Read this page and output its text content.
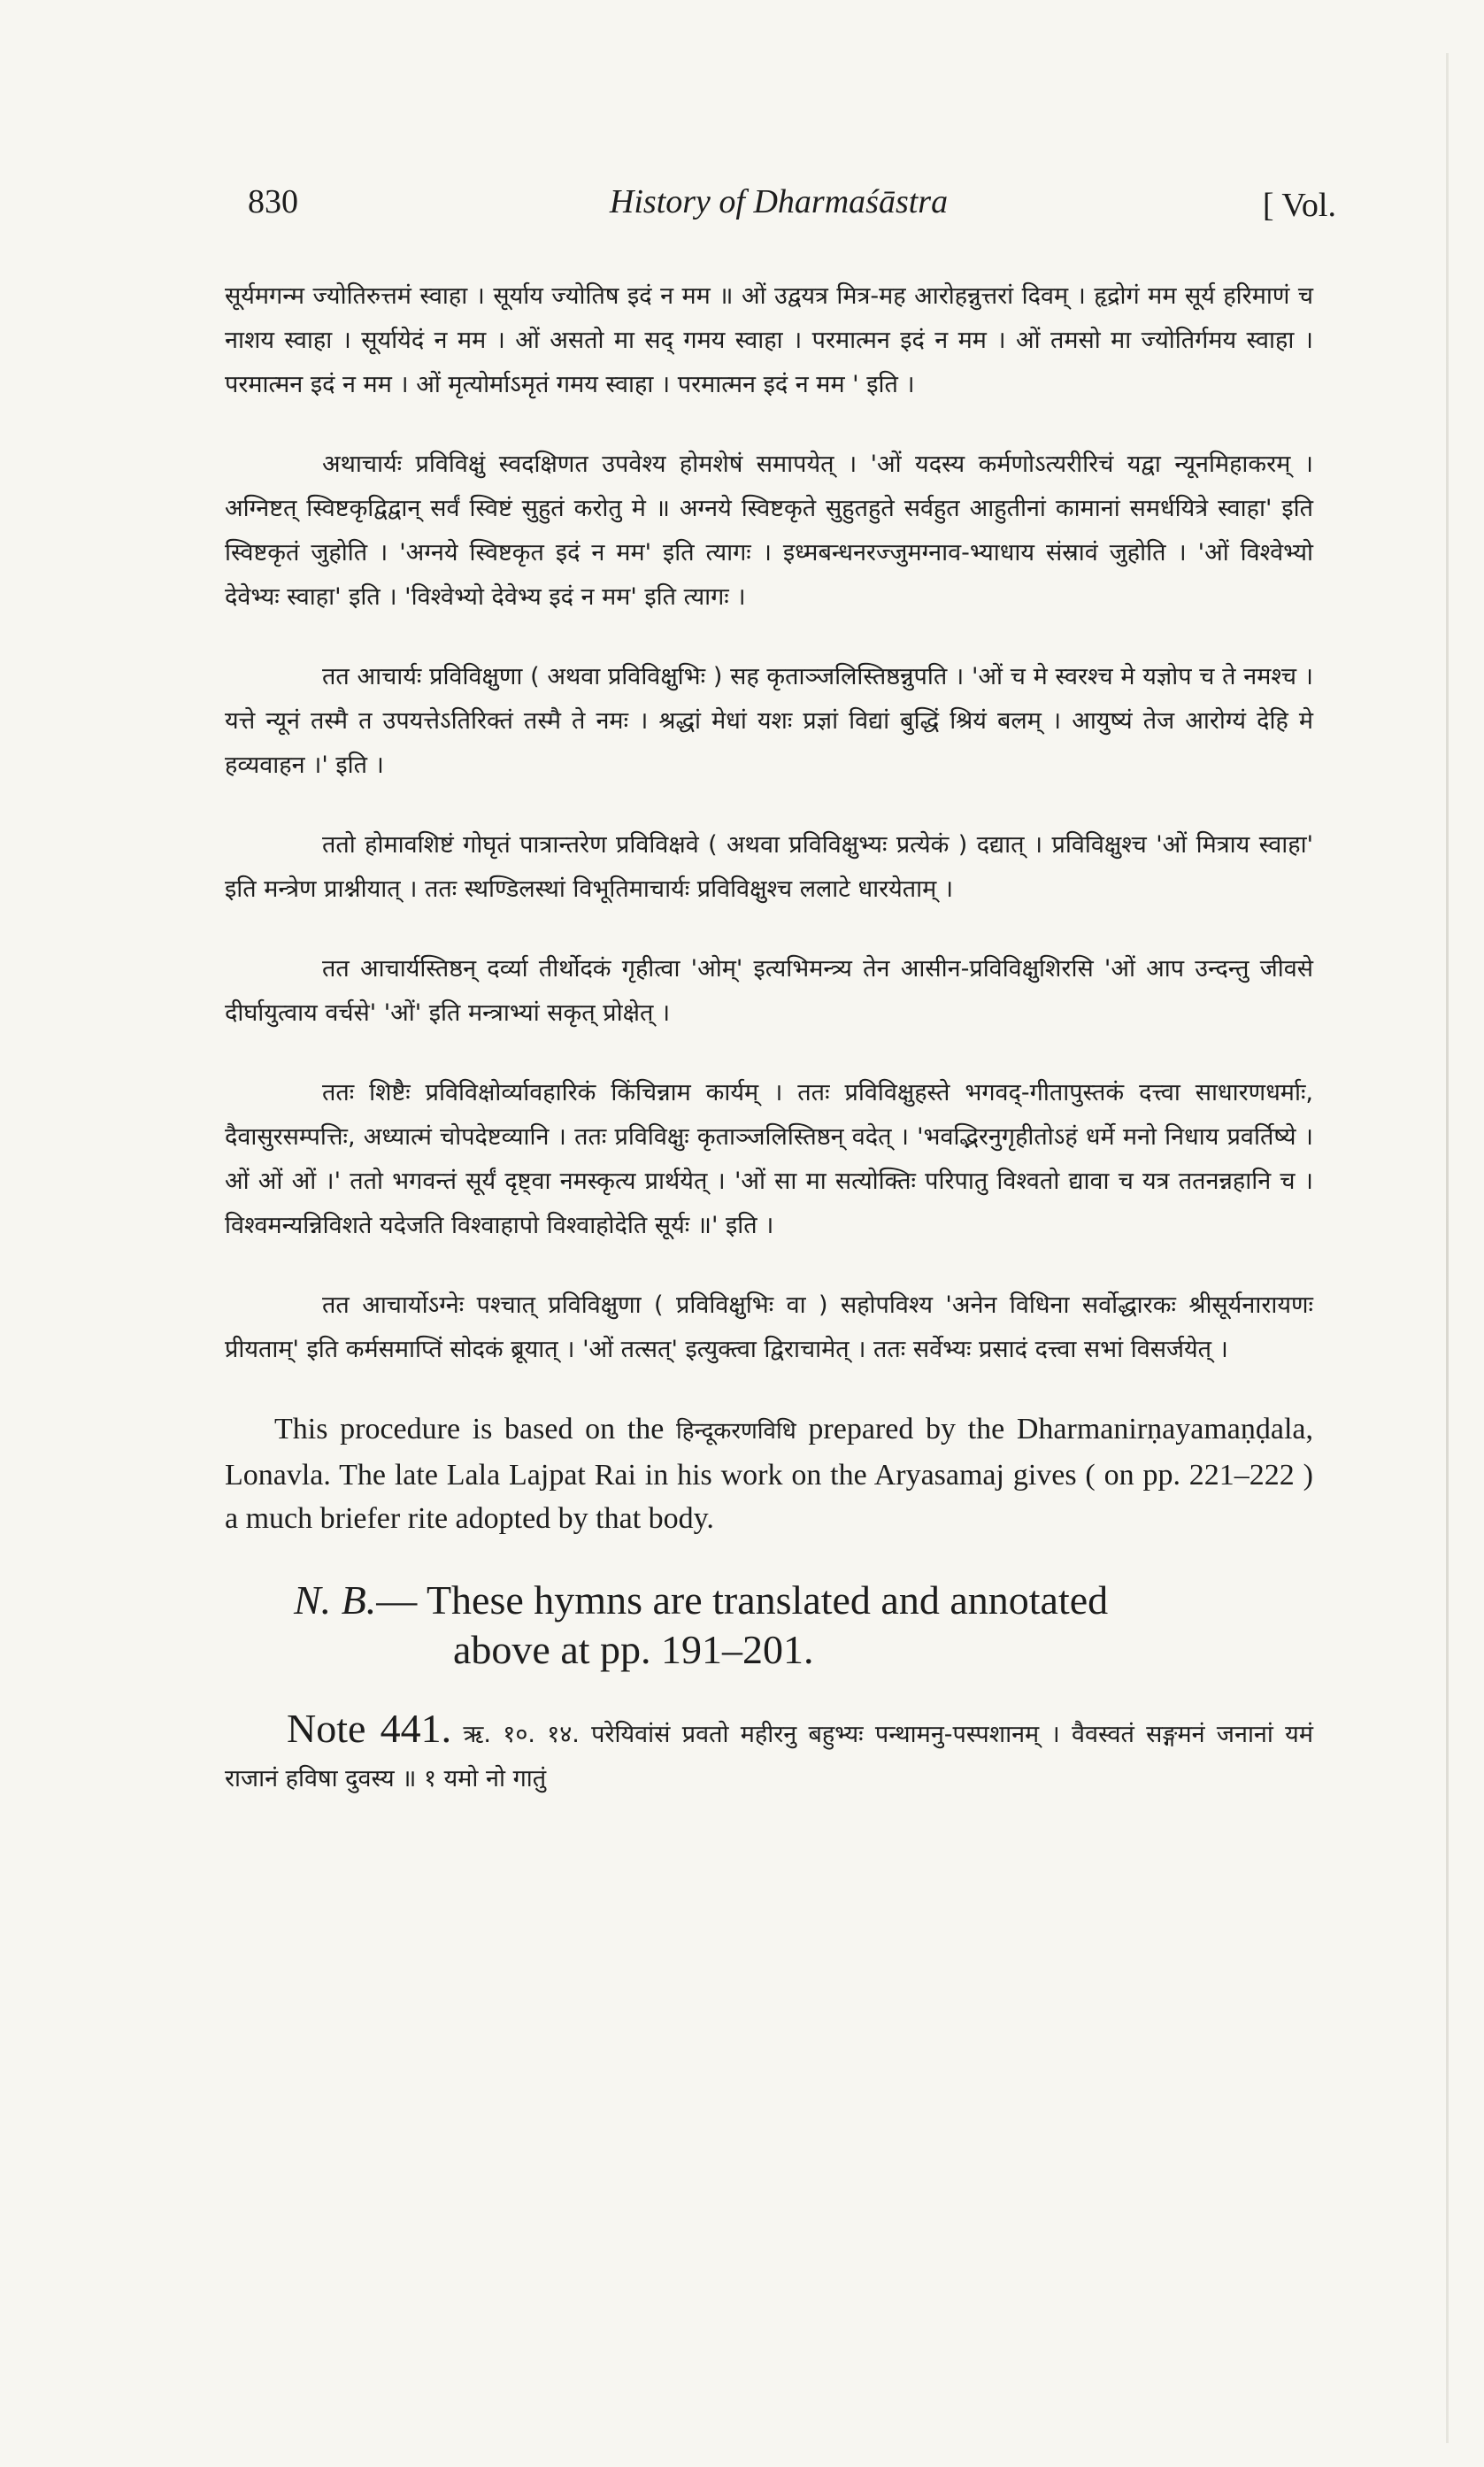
830	History of Dharmaśāstra	[ Vol.

सूर्यमगन्म ज्योतिरुत्तमं स्वाहा । सूर्याय ज्योतिष इदं न मम ॥ ओं उद्वयत्र मित्र-मह आरोहन्नुत्तरां दिवम् । हृद्रोगं मम सूर्य हरिमाणं च नाशय स्वाहा । सूर्यायेदं न मम । ओं असतो मा सद् गमय स्वाहा । परमात्मन इदं न मम । ओं तमसो मा ज्योतिर्गमय स्वाहा । परमात्मन इदं न मम । ओं मृत्योर्माऽमृतं गमय स्वाहा । परमात्मन इदं न मम ' इति ।

अथाचार्यः प्रविविक्षुं स्वदक्षिणत उपवेश्य होमशेषं समापयेत् । 'ओं यदस्य कर्मणोऽत्यरीरिचं यद्वा न्यूनमिहाकरम् । अग्निष्टत् स्विष्टकृद्विद्वान् सर्वं स्विष्टं सुहुतं करोतु मे ॥ अग्नये स्विष्टकृते सुहुतहुते सर्वहुत आहुतीनां कामानां समर्धयित्रे स्वाहा' इति स्विष्टकृतं जुहोति । 'अग्नये स्विष्टकृत इदं न मम' इति त्यागः । इध्मबन्धनरज्जुमग्नाव-भ्याधाय संस्रावं जुहोति । 'ओं विश्वेभ्यो देवेभ्यः स्वाहा' इति । 'विश्वेभ्यो देवेभ्य इदं न मम' इति त्यागः ।

तत आचार्यः प्रविविक्षुणा ( अथवा प्रविविक्षुभिः ) सह कृताञ्जलिस्तिष्ठन्नुपति । 'ओं च मे स्वरश्च मे यज्ञोप च ते नमश्च । यत्ते न्यूनं तस्मै त उपयत्तेऽतिरिक्तं तस्मै ते नमः । श्रद्धां मेधां यशः प्रज्ञां विद्यां बुद्धिं श्रियं बलम् । आयुष्यं तेज आरोग्यं देहि मे हव्यवाहन ।' इति ।

ततो होमावशिष्टं गोघृतं पात्रान्तरेण प्रविविक्षवे ( अथवा प्रविविक्षुभ्यः प्रत्येकं ) दद्यात् । प्रविविक्षुश्च 'ओं मित्राय स्वाहा' इति मन्त्रेण प्राश्नीयात् । ततः स्थण्डिलस्थां विभूतिमाचार्यः प्रविविक्षुश्च ललाटे धारयेताम् ।

तत आचार्यस्तिष्ठन् दर्व्या तीर्थोदकं गृहीत्वा 'ओम्' इत्यभिमन्त्र्य तेन आसीन-प्रविविक्षुशिरसि 'ओं आप उन्दन्तु जीवसे दीर्घायुत्वाय वर्चसे' 'ओं' इति मन्त्राभ्यां सकृत् प्रोक्षेत् ।

ततः शिष्टैः प्रविविक्षोर्व्यावहारिकं किंचिन्नाम कार्यम् । ततः प्रविविक्षुहस्ते भगवद्-गीतापुस्तकं दत्त्वा साधारणधर्माः, दैवासुरसम्पत्तिः, अध्यात्मं चोपदेष्टव्यानि । ततः प्रविविक्षुः कृताञ्जलिस्तिष्ठन् वदेत् । 'भवद्भिरनुगृहीतोऽहं धर्मे मनो निधाय प्रवर्तिष्ये । ओं ओं ओं ।' ततो भगवन्तं सूर्यं दृष्ट्वा नमस्कृत्य प्रार्थयेत् । 'ओं सा मा सत्योक्तिः परिपातु विश्वतो द्यावा च यत्र ततनन्नहानि च । विश्वमन्यन्निविशते यदेजति विश्वाहापो विश्वाहोदेति सूर्यः ॥' इति ।

तत आचार्योऽग्नेः पश्चात् प्रविविक्षुणा ( प्रविविक्षुभिः वा ) सहोपविश्य 'अनेन विधिना सर्वोद्धारकः श्रीसूर्यनारायणः प्रीयताम्' इति कर्मसमाप्तिं सोदकं ब्रूयात् । 'ओं तत्सत्' इत्युक्त्वा द्विराचामेत् । ततः सर्वेभ्यः प्रसादं दत्त्वा सभां विसर्जयेत् ।

This procedure is based on the हिन्दूकरणविधि prepared by the Dharmanirṇayamaṇḍala, Lonavla. The late Lala Lajpat Rai in his work on the Aryasamaj gives ( on pp. 221–222 ) a much briefer rite adopted by that body.

N. B.— These hymns are translated and annotated
above at pp. 191–201.

Note 441. ऋ. १०. १४. परेयिवांसं प्रवतो महीरनु बहुभ्यः पन्थामनु-पस्पशानम् । वैवस्वतं सङ्गमनं जनानां यमं राजानं हविषा दुवस्य ॥ १ यमो नो गातुं
